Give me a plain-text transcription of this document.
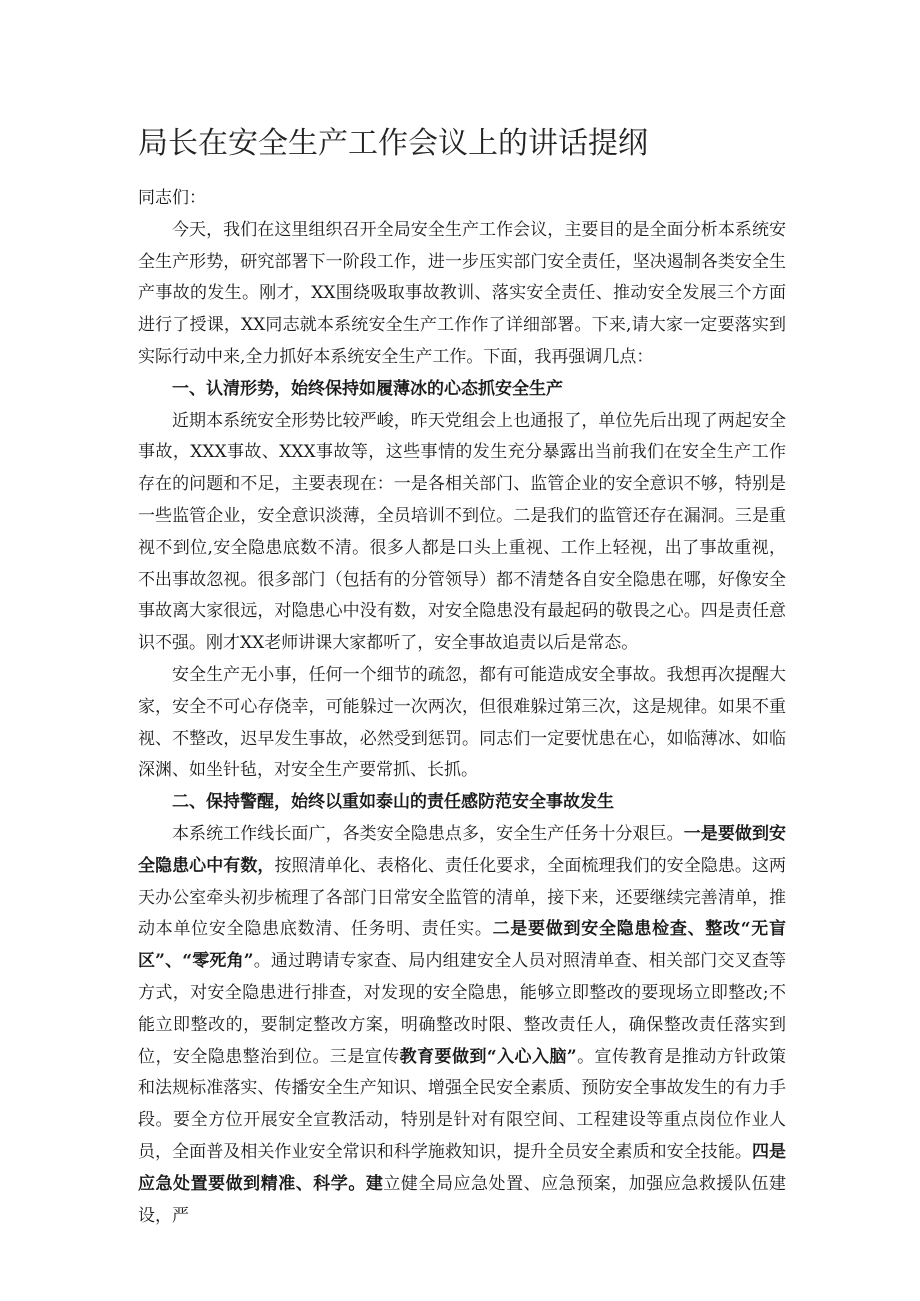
局长在安全生产工作会议上的讲话提纲

同志们：

今天，我们在这里组织召开全局安全生产工作会议，主要目的是全面分析本系统安全生产形势，研究部署下一阶段工作，进一步压实部门安全责任，坚决遏制各类安全生产事故的发生。刚才，XX围绕吸取事故教训、落实安全责任、推动安全发展三个方面进行了授课，XX同志就本系统安全生产工作作了详细部署。下来,请大家一定要落实到实际行动中来,全力抓好本系统安全生产工作。下面，我再强调几点：

一、认清形势，始终保持如履薄冰的心态抓安全生产

近期本系统安全形势比较严峻，昨天党组会上也通报了，单位先后出现了两起安全事故，XXX事故、XXX事故等，这些事情的发生充分暴露出当前我们在安全生产工作存在的问题和不足，主要表现在：一是各相关部门、监管企业的安全意识不够，特别是一些监管企业，安全意识淡薄，全员培训不到位。二是我们的监管还存在漏洞。三是重视不到位,安全隐患底数不清。很多人都是口头上重视、工作上轻视，出了事故重视，不出事故忽视。很多部门（包括有的分管领导）都不清楚各自安全隐患在哪，好像安全事故离大家很远，对隐患心中没有数，对安全隐患没有最起码的敬畏之心。四是责任意识不强。刚才XX老师讲课大家都听了，安全事故追责以后是常态。

安全生产无小事，任何一个细节的疏忽，都有可能造成安全事故。我想再次提醒大家，安全不可心存侥幸，可能躲过一次两次，但很难躲过第三次，这是规律。如果不重视、不整改，迟早发生事故，必然受到惩罚。同志们一定要忧患在心，如临薄冰、如临深渊、如坐针毡，对安全生产要常抓、长抓。

二、保持警醒，始终以重如泰山的责任感防范安全事故发生

本系统工作线长面广，各类安全隐患点多，安全生产任务十分艰巨。一是要做到安全隐患心中有数，按照清单化、表格化、责任化要求，全面梳理我们的安全隐患。这两天办公室牵头初步梳理了各部门日常安全监管的清单，接下来，还要继续完善清单，推动本单位安全隐患底数清、任务明、责任实。二是要做到安全隐患检查、整改“无盲区”、“零死角”。通过聘请专家查、局内组建安全人员对照清单查、相关部门交叉查等方式，对安全隐患进行排查，对发现的安全隐患，能够立即整改的要现场立即整改;不能立即整改的，要制定整改方案，明确整改时限、整改责任人，确保整改责任落实到位，安全隐患整治到位。三是宣传教育要做到“入心入脑”。宣传教育是推动方针政策和法规标准落实、传播安全生产知识、增强全民安全素质、预防安全事故发生的有力手段。要全方位开展安全宣教活动，特别是针对有限空间、工程建设等重点岗位作业人员，全面普及相关作业安全常识和科学施救知识，提升全员安全素质和安全技能。四是应急处置要做到精准、科学。建立健全局应急处置、应急预案，加强应急救援队伍建设，严
